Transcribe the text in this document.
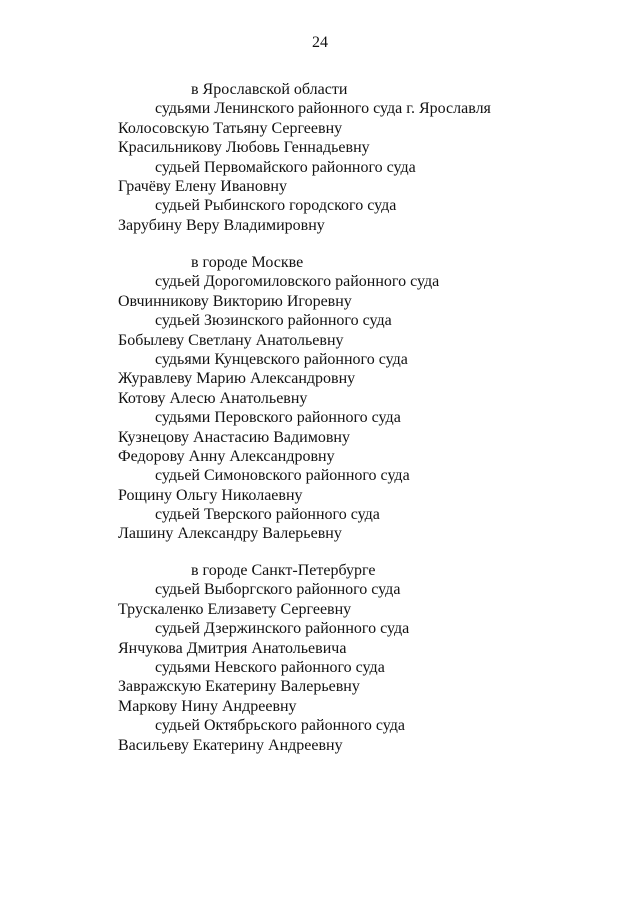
24
в Ярославской области
судьями Ленинского районного суда г. Ярославля
Колосовскую Татьяну Сергеевну
Красильникову Любовь Геннадьевну
судьей Первомайского районного суда
Грачёву Елену Ивановну
судьей Рыбинского городского суда
Зарубину Веру Владимировну
в городе Москве
судьей Дорогомиловского районного суда
Овчинникову Викторию Игоревну
судьей Зюзинского районного суда
Бобылеву Светлану Анатольевну
судьями Кунцевского районного суда
Журавлеву Марию Александровну
Котову Алесю Анатольевну
судьями Перовского районного суда
Кузнецову Анастасию Вадимовну
Федорову Анну Александровну
судьей Симоновского районного суда
Рощину Ольгу Николаевну
судьей Тверского районного суда
Лашину Александру Валерьевну
в городе Санкт-Петербурге
судьей Выборгского районного суда
Трускаленко Елизавету Сергеевну
судьей Дзержинского районного суда
Янчукова Дмитрия Анатольевича
судьями Невского районного суда
Завражскую Екатерину Валерьевну
Маркову Нину Андреевну
судьей Октябрьского районного суда
Васильеву Екатерину Андреевну
